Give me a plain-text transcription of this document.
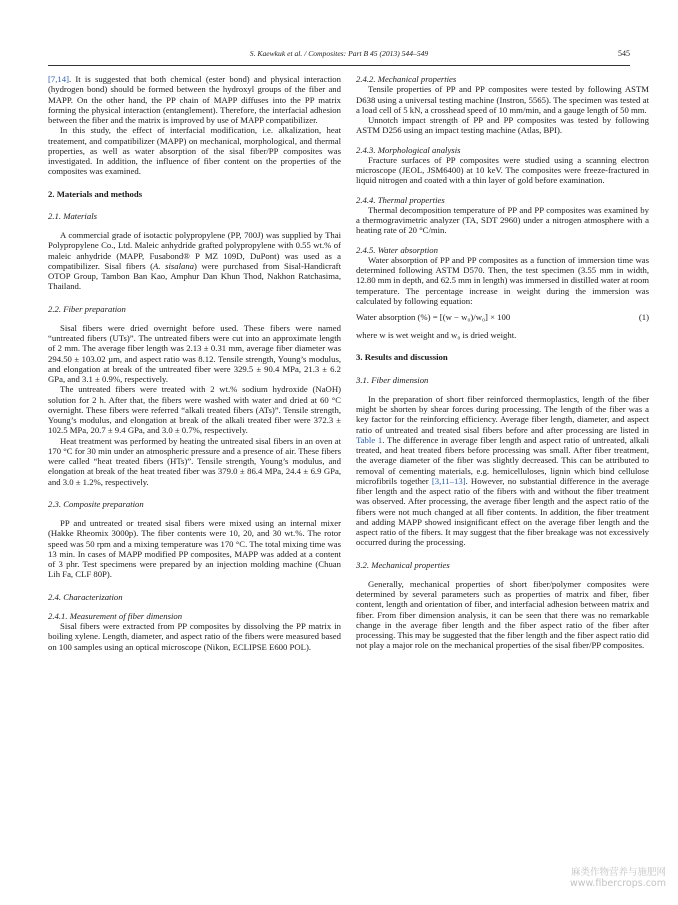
S. Kaewkuk et al. / Composites: Part B 45 (2013) 544–549	545

[7,14]. It is suggested that both chemical (ester bond) and physical interaction (hydrogen bond) should be formed between the hydroxyl groups of the fiber and MAPP. On the other hand, the PP chain of MAPP diffuses into the PP matrix forming the physical interaction (entanglement). Therefore, the interfacial adhesion between the fiber and the matrix is improved by use of MAPP compatibilizer.

In this study, the effect of interfacial modification, i.e. alkalization, heat treatement, and compatibilizer (MAPP) on mechanical, morphological, and thermal properties, as well as water absorption of the sisal fiber/PP composites was investigated. In addition, the influence of fiber content on the properties of the composites was examined.

2. Materials and methods

2.1. Materials

A commercial grade of isotactic polypropylene (PP, 700J) was supplied by Thai Polypropylene Co., Ltd. Maleic anhydride grafted polypropylene with 0.55 wt.% of maleic anhydride (MAPP, Fusabond® P MZ 109D, DuPont) was used as a compatibilizer. Sisal fibers (A. sisalana) were purchased from Sisal-Handicraft OTOP Group, Tambon Ban Kao, Amphur Dan Khun Thod, Nakhon Ratchasima, Thailand.

2.2. Fiber preparation

Sisal fibers were dried overnight before used. These fibers were named “untreated fibers (UTs)”. The untreated fibers were cut into an approximate length of 2 mm. The average fiber length was 2.13 ± 0.31 mm, average fiber diameter was 294.50 ± 103.02 µm, and aspect ratio was 8.12. Tensile strength, Young’s modulus, and elongation at break of the untreated fiber were 329.5 ± 90.4 MPa, 21.3 ± 6.2 GPa, and 3.1 ± 0.9%, respectively.

The untreated fibers were treated with 2 wt.% sodium hydroxide (NaOH) solution for 2 h. After that, the fibers were washed with water and dried at 60 °C overnight. These fibers were referred “alkali treated fibers (ATs)”. Tensile strength, Young’s modulus, and elongation at break of the alkali treated fiber were 372.3 ± 102.5 MPa, 20.7 ± 9.4 GPa, and 3.0 ± 0.7%, respectively.

Heat treatment was performed by heating the untreated sisal fibers in an oven at 170 °C for 30 min under an atmospheric pressure and a presence of air. These fibers were called “heat treated fibers (HTs)”. Tensile strength, Young’s modulus, and elongation at break of the heat treated fiber was 379.0 ± 86.4 MPa, 24.4 ± 6.9 GPa, and 3.0 ± 1.2%, respectively.

2.3. Composite preparation

PP and untreated or treated sisal fibers were mixed using an internal mixer (Hakke Rheomix 3000p). The fiber contents were 10, 20, and 30 wt.%. The rotor speed was 50 rpm and a mixing temperature was 170 °C. The total mixing time was 13 min. In cases of MAPP modified PP composites, MAPP was added at a content of 3 phr. Test specimens were prepared by an injection molding machine (Chuan Lih Fa, CLF 80P).

2.4. Characterization

2.4.1. Measurement of fiber dimension

Sisal fibers were extracted from PP composites by dissolving the PP matrix in boiling xylene. Length, diameter, and aspect ratio of the fibers were measured based on 100 samples using an optical microscope (Nikon, ECLIPSE E600 POL).

2.4.2. Mechanical properties

Tensile properties of PP and PP composites were tested by following ASTM D638 using a universal testing machine (Instron, 5565). The specimen was tested at a load cell of 5 kN, a crosshead speed of 10 mm/min, and a gauge length of 50 mm.

Unnotch impact strength of PP and PP composites was tested by following ASTM D256 using an impact testing machine (Atlas, BPI).

2.4.3. Morphological analysis

Fracture surfaces of PP composites were studied using a scanning electron microscope (JEOL, JSM6400) at 10 keV. The composites were freeze-fractured in liquid nitrogen and coated with a thin layer of gold before examination.

2.4.4. Thermal properties

Thermal decomposition temperature of PP and PP composites was examined by a thermogravimetric analyzer (TA, SDT 2960) under a nitrogen atmosphere with a heating rate of 20 °C/min.

2.4.5. Water absorption

Water absorption of PP and PP composites as a function of immersion time was determined following ASTM D570. Then, the test specimen (3.55 mm in width, 12.80 mm in depth, and 62.5 mm in length) was immersed in distilled water at room temperature. The percentage increase in weight during the immersion was calculated by following equation:

Water absorption (%) = [(w − w₀)/w₀] × 100	(1)

where w is wet weight and w₀ is dried weight.

3. Results and discussion

3.1. Fiber dimension

In the preparation of short fiber reinforced thermoplastics, length of the fiber might be shorten by shear forces during processing. The length of the fiber was a key factor for the reinforcing efficiency. Average fiber length, diameter, and aspect ratio of untreated and treated sisal fibers before and after processing are listed in Table 1. The difference in average fiber length and aspect ratio of untreated, alkali treated, and heat treated fibers before processing was small. After fiber treatment, the average diameter of the fiber was slightly decreased. This can be attributed to removal of cementing materials, e.g. hemicelluloses, lignin which bind cellulose microfibrils together [3,11–13]. However, no substantial difference in the average fiber length and the aspect ratio of the fibers with and without the fiber treatment was observed. After processing, the average fiber length and the aspect ratio of the fibers were not much changed at all fiber contents. In addition, the fiber treatment and adding MAPP showed insignificant effect on the average fiber length and the aspect ratio of the fibers. It may suggest that the fiber breakage was not excessively occurred during the processing.

3.2. Mechanical properties

Generally, mechanical properties of short fiber/polymer composites were determined by several parameters such as properties of matrix and fiber, fiber content, length and orientation of fiber, and interfacial adhesion between matrix and fiber. From fiber dimension analysis, it can be seen that there was no remarkable change in the average fiber length and the fiber aspect ratio of the fiber after processing. This may be suggested that the fiber length and the fiber aspect ratio did not play a major role on the mechanical properties of the sisal fiber/PP composites.

麻类作物营养与施肥网
www.fibercrops.com
